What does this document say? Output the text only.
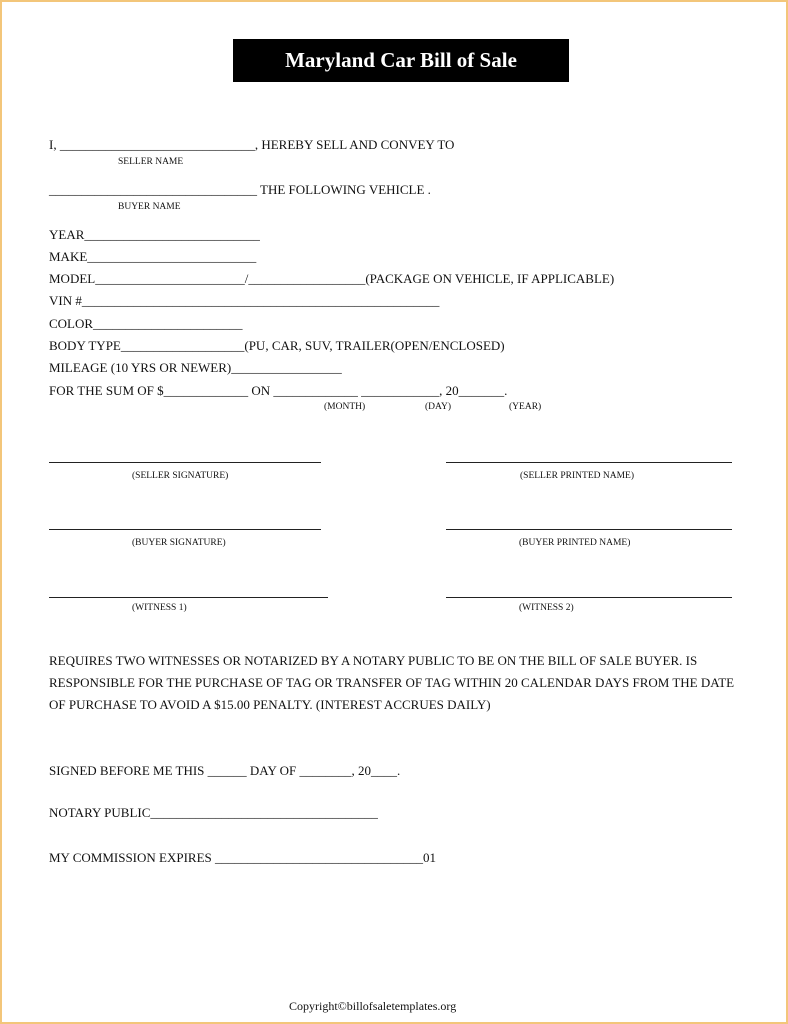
Maryland Car Bill of Sale
I, ______________________________, HEREBY SELL AND CONVEY TO
SELLER NAME
________________________________ THE FOLLOWING VEHICLE .
BUYER NAME
YEAR___________________________
MAKE__________________________
MODEL_______________________/__________________(PACKAGE ON VEHICLE, IF APPLICABLE)
VIN #_______________________________________________________
COLOR_______________________
BODY TYPE___________________(PU, CAR, SUV, TRAILER(OPEN/ENCLOSED)
MILEAGE (10 YRS OR NEWER)_________________
FOR THE SUM OF $_____________ ON _____________ ____________, 20_______.
(MONTH)	(DAY)	(YEAR)
(SELLER SIGNATURE)	(SELLER PRINTED NAME)
(BUYER SIGNATURE)	(BUYER PRINTED NAME)
(WITNESS 1)	(WITNESS 2)
REQUIRES TWO WITNESSES OR NOTARIZED BY A NOTARY PUBLIC TO BE ON THE BILL OF SALE BUYER. IS RESPONSIBLE FOR THE PURCHASE OF TAG OR TRANSFER OF TAG WITHIN 20 CALENDAR DAYS FROM THE DATE OF PURCHASE TO AVOID A $15.00 PENALTY. (INTEREST ACCRUES DAILY)
SIGNED BEFORE ME THIS ______ DAY OF ________, 20____.
NOTARY PUBLIC___________________________________
MY COMMISSION EXPIRES ________________________________01
Copyright©billofsaletemplates.org
